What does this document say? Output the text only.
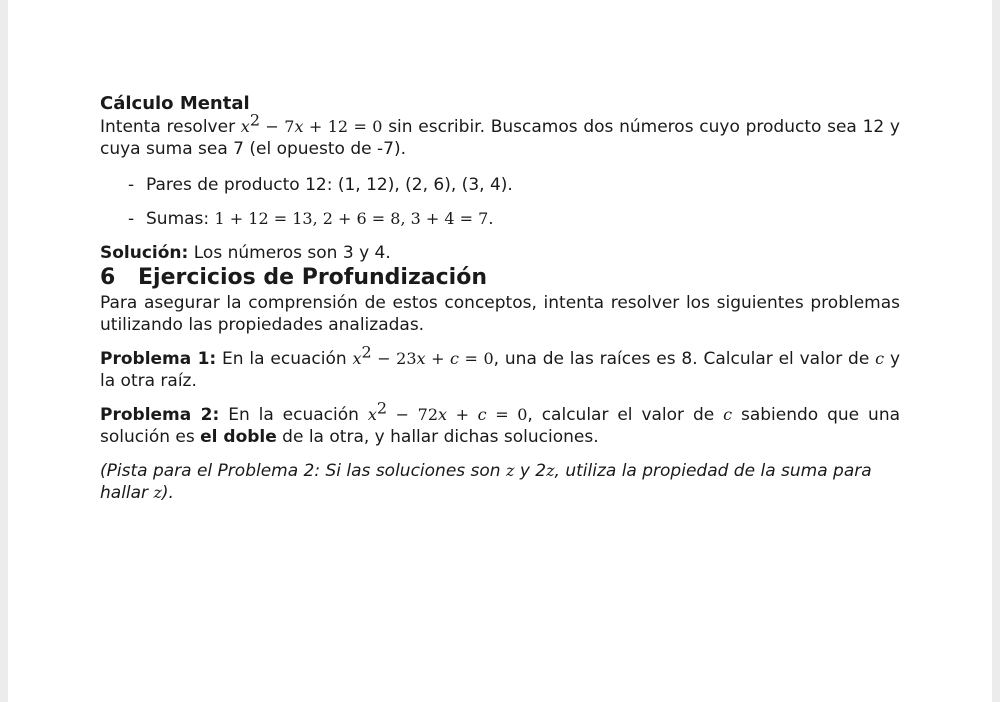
Cálculo Mental

Intenta resolver $x^2 - 7x + 12 = 0$ sin escribir. Buscamos dos números cuyo producto sea 12 y cuya suma sea 7 (el opuesto de -7).

- Pares de producto 12: (1, 12), (2, 6), (3, 4).

- Sumas: 1 + 12 = 13, 2 + 6 = 8, 3 + 4 = 7.

Solución: Los números son 3 y 4.

6 Ejercicios de Profundización

Para asegurar la comprensión de estos conceptos, intenta resolver los siguientes problemas utilizando las propiedades analizadas.

Problema 1: En la ecuación $x^2 - 23x + c = 0$, una de las raíces es 8. Calcular el valor de c y la otra raíz.

Problema 2: En la ecuación $x^2 - 72x + c = 0$, calcular el valor de c sabiendo que una solución es el doble de la otra, y hallar dichas soluciones.

(Pista para el Problema 2: Si las soluciones son z y 2z, utiliza la propiedad de la suma para hallar z).
